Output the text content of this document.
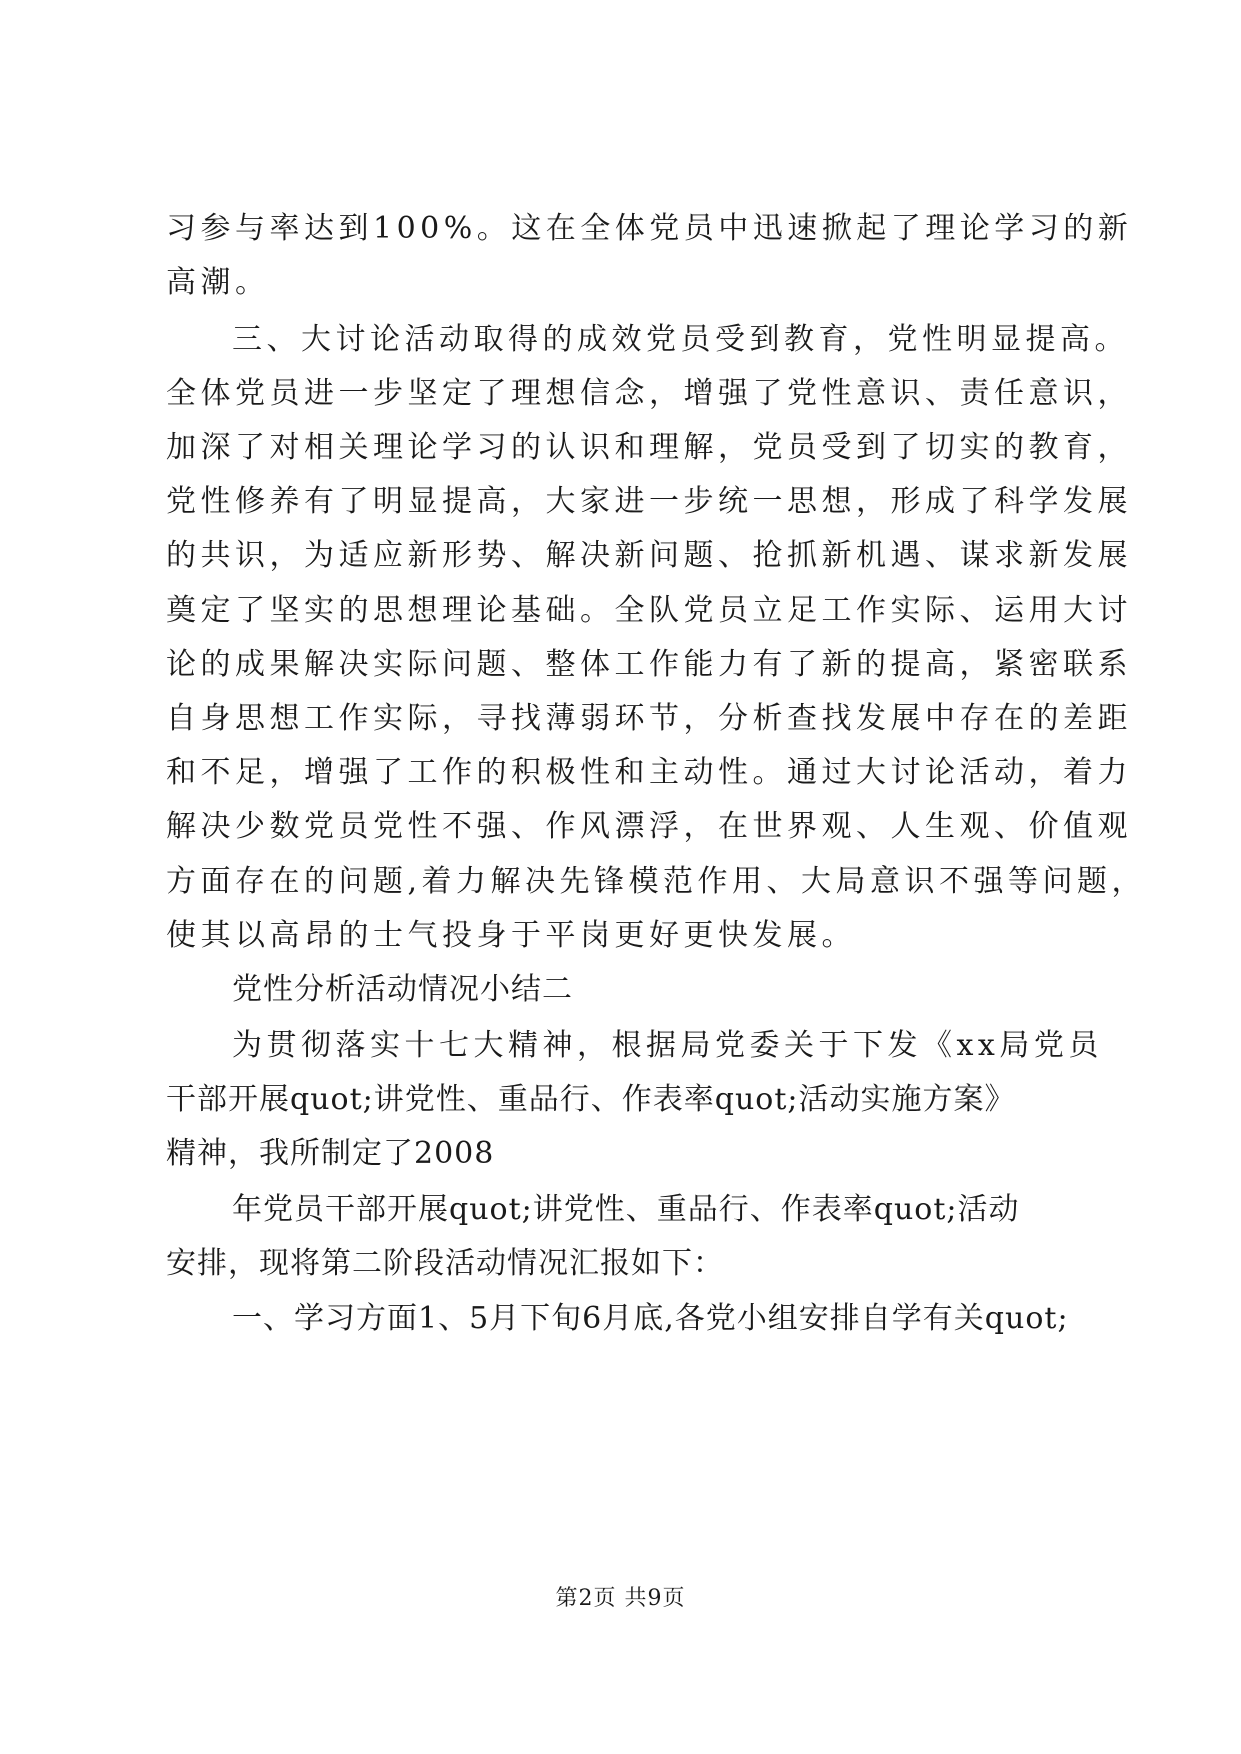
习参与率达到100%。这在全体党员中迅速掀起了理论学习的新
高潮。
三、大讨论活动取得的成效党员受到教育，党性明显提高。
全体党员进一步坚定了理想信念，增强了党性意识、责任意识，
加深了对相关理论学习的认识和理解，党员受到了切实的教育，
党性修养有了明显提高，大家进一步统一思想，形成了科学发展
的共识，为适应新形势、解决新问题、抢抓新机遇、谋求新发展
奠定了坚实的思想理论基础。全队党员立足工作实际、运用大讨
论的成果解决实际问题、整体工作能力有了新的提高，紧密联系
自身思想工作实际，寻找薄弱环节，分析查找发展中存在的差距
和不足，增强了工作的积极性和主动性。通过大讨论活动，着力
解决少数党员党性不强、作风漂浮，在世界观、人生观、价值观
方面存在的问题,着力解决先锋模范作用、大局意识不强等问题，
使其以高昂的士气投身于平岗更好更快发展。
党性分析活动情况小结二
为贯彻落实十七大精神，根据局党委关于下发《xx局党员
干部开展quot;讲党性、重品行、作表率quot;活动实施方案》
精神，我所制定了2008
年党员干部开展quot;讲党性、重品行、作表率quot;活动
安排，现将第二阶段活动情况汇报如下：
一、学习方面1、5月下旬6月底,各党小组安排自学有关quot;
第2页 共9页
